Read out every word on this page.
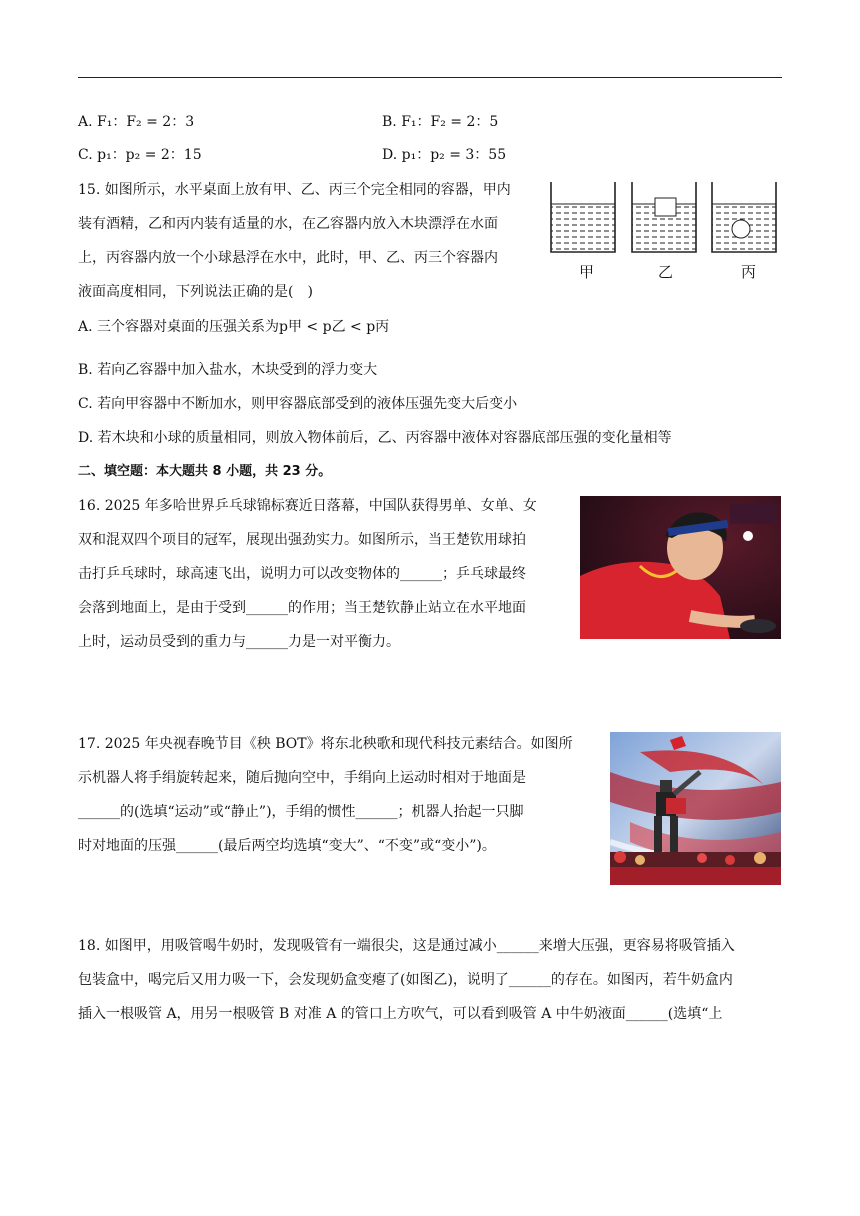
A. F₁：F₂ = 2：3	B. F₁：F₂ = 2：5
C. p₁：p₂ = 2：15	D. p₁：p₂ = 3：55
15. 如图所示，水平桌面上放有甲、乙、丙三个完全相同的容器，甲内
装有酒精，乙和丙内装有适量的水，在乙容器内放入木块漂浮在水面
上，丙容器内放一个小球悬浮在水中，此时，甲、乙、丙三个容器内
液面高度相同，下列说法正确的是(　)
甲	乙	丙
A. 三个容器对桌面的压强关系为p甲 < p乙 < p丙
B. 若向乙容器中加入盐水，木块受到的浮力变大
C. 若向甲容器中不断加水，则甲容器底部受到的液体压强先变大后变小
D. 若木块和小球的质量相同，则放入物体前后，乙、丙容器中液体对容器底部压强的变化量相等
二、填空题：本大题共 8 小题，共 23 分。
16. 2025 年多哈世界乒乓球锦标赛近日落幕，中国队获得男单、女单、女
双和混双四个项目的冠军，展现出强劲实力。如图所示，当王楚钦用球拍
击打乒乓球时，球高速飞出，说明力可以改变物体的______；乒乓球最终
会落到地面上，是由于受到______的作用；当王楚钦静止站立在水平地面
上时，运动员受到的重力与______力是一对平衡力。
17. 2025 年央视春晚节目《秧 BOT》将东北秧歌和现代科技元素结合。如图所
示机器人将手绢旋转起来，随后抛向空中，手绢向上运动时相对于地面是
______的(选填“运动”或“静止”)，手绢的惯性______；机器人抬起一只脚
时对地面的压强______(最后两空均选填“变大”、“不变”或“变小”)。
18. 如图甲，用吸管喝牛奶时，发现吸管有一端很尖，这是通过减小______来增大压强，更容易将吸管插入
包装盒中，喝完后又用力吸一下，会发现奶盒变瘪了(如图乙)，说明了______的存在。如图丙，若牛奶盒内
插入一根吸管 A，用另一根吸管 B 对准 A 的管口上方吹气，可以看到吸管 A 中牛奶液面______(选填“上
